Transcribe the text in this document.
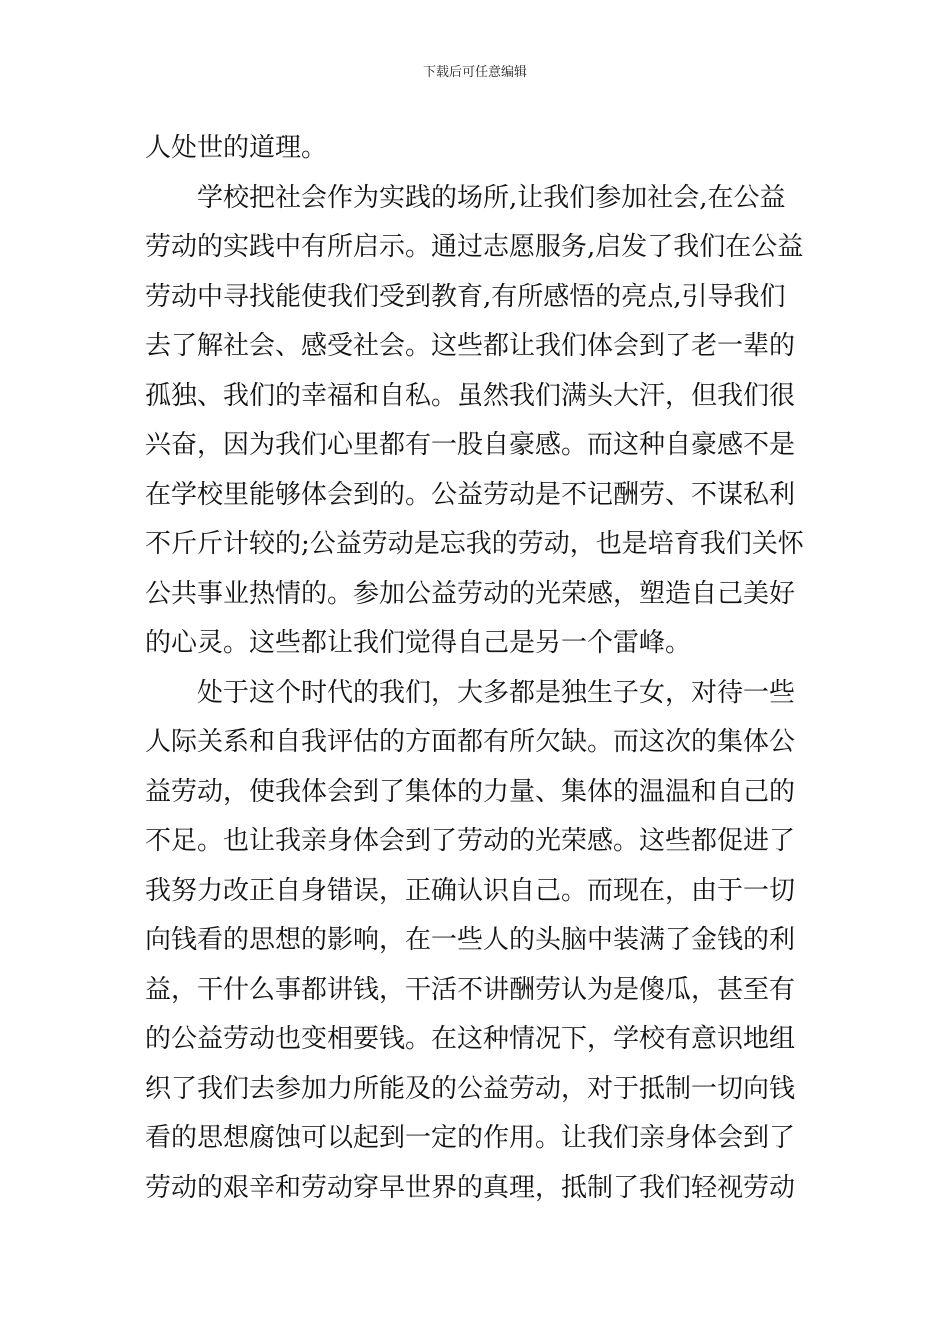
下载后可任意编辑
人处世的道理。
学校把社会作为实践的场所,让我们参加社会,在公益
劳动的实践中有所启示。通过志愿服务,启发了我们在公益
劳动中寻找能使我们受到教育,有所感悟的亮点,引导我们
去了解社会、感受社会。这些都让我们体会到了老一辈的
孤独、我们的幸福和自私。虽然我们满头大汗，但我们很
兴奋，因为我们心里都有一股自豪感。而这种自豪感不是
在学校里能够体会到的。公益劳动是不记酬劳、不谋私利
不斤斤计较的;公益劳动是忘我的劳动，也是培育我们关怀
公共事业热情的。参加公益劳动的光荣感，塑造自己美好
的心灵。这些都让我们觉得自己是另一个雷峰。
处于这个时代的我们，大多都是独生子女，对待一些
人际关系和自我评估的方面都有所欠缺。而这次的集体公
益劳动，使我体会到了集体的力量、集体的温温和自己的
不足。也让我亲身体会到了劳动的光荣感。这些都促进了
我努力改正自身错误，正确认识自己。而现在，由于一切
向钱看的思想的影响，在一些人的头脑中装满了金钱的利
益，干什么事都讲钱，干活不讲酬劳认为是傻瓜，甚至有
的公益劳动也变相要钱。在这种情况下，学校有意识地组
织了我们去参加力所能及的公益劳动，对于抵制一切向钱
看的思想腐蚀可以起到一定的作用。让我们亲身体会到了
劳动的艰辛和劳动穿早世界的真理，抵制了我们轻视劳动
